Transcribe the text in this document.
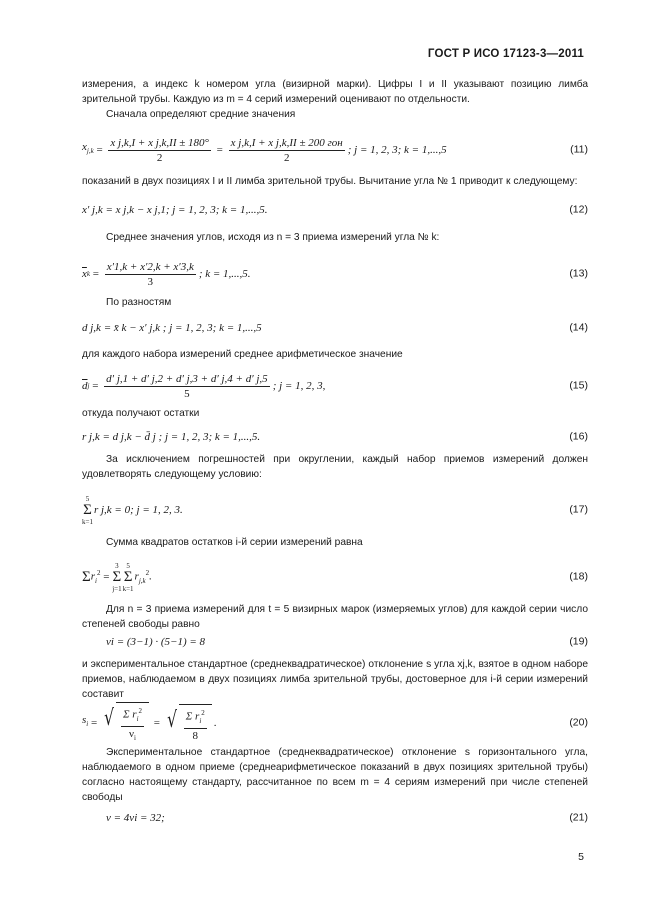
ГОСТ Р ИСО 17123-3—2011
измерения, а индекс k номером угла (визирной марки). Цифры I и II указывают позицию лимба зрительной трубы. Каждую из m = 4 серий измерений оценивают по отдельности.
Сначала определяют средние значения
$x_{j,k} = \frac{\text{x j,k,I + x j,k,II ± 180°}}{2} = \frac{\text{x j,k,I + x j,k,II ± 200 гон}}{2}$ ; j = 1, 2, 3; k = 1,...,5	(11)
показаний в двух позициях I и II лимба зрительной трубы. Вычитание угла № 1 приводит к следующему:
x′ j,k = x j,k − x j,1; j = 1, 2, 3; k = 1,...,5.	(12)
Среднее значения углов, исходя из n = 3 приема измерений угла № k:
$\overline{x}$ $k = \frac{x'1,k + x'2,k + x'3,k}{3}$ ; k = 1,...,5.	(13)
По разностям
d j,k = x̄ k − x′ j,k ; j = 1, 2, 3; k = 1,...,5	(14)
для каждого набора измерений среднее арифметическое значение
$\overline{d}$ $j = \frac{d' j,1 + d' j,2 + d' j,3 + d' j,4 + d' j,5}{5}$ ; j = 1, 2, 3,	(15)
откуда получают остатки
r j,k = d j,k − d̄ j ; j = 1, 2, 3; k = 1,...,5.	(16)
За исключением погрешностей при округлении, каждый набор приемов измерений должен удовлетворять следующему условию:
5
Σ
k=1
r j,k = 0; j = 1, 2, 3.	(17)
Сумма квадратов остатков i-й серии измерений равна
Σ $r_i^2$ =
3
Σ
j=1
5
Σ
k=1
$r_{j,k}^2$.	(18)
Для n = 3 приема измерений для t = 5 визирных марок (измеряемых углов) для каждой серии число степеней свободы равно
νi = (3−1) · (5−1) = 8	(19)
и экспериментальное стандартное (среднеквадратическое) отклонение s угла xj,k, взятое в одном наборе приемов, наблюдаемом в двух позициях лимба зрительной трубы, достоверное для i-й серии измерений составит
$s_i$ = √ $\frac{\Sigma r_i^2}{\nu_i}$ = √ $\frac{\Sigma r_i^2}{8}$ .	(20)
Экспериментальное стандартное (среднеквадратическое) отклонение s горизонтального угла, наблюдаемого в одном приеме (среднеарифметическое показаний в двух позициях зрительной трубы) согласно настоящему стандарту, рассчитанное по всем m = 4 сериям измерений при числе степеней свободы
ν = 4νi = 32;	(21)
5
